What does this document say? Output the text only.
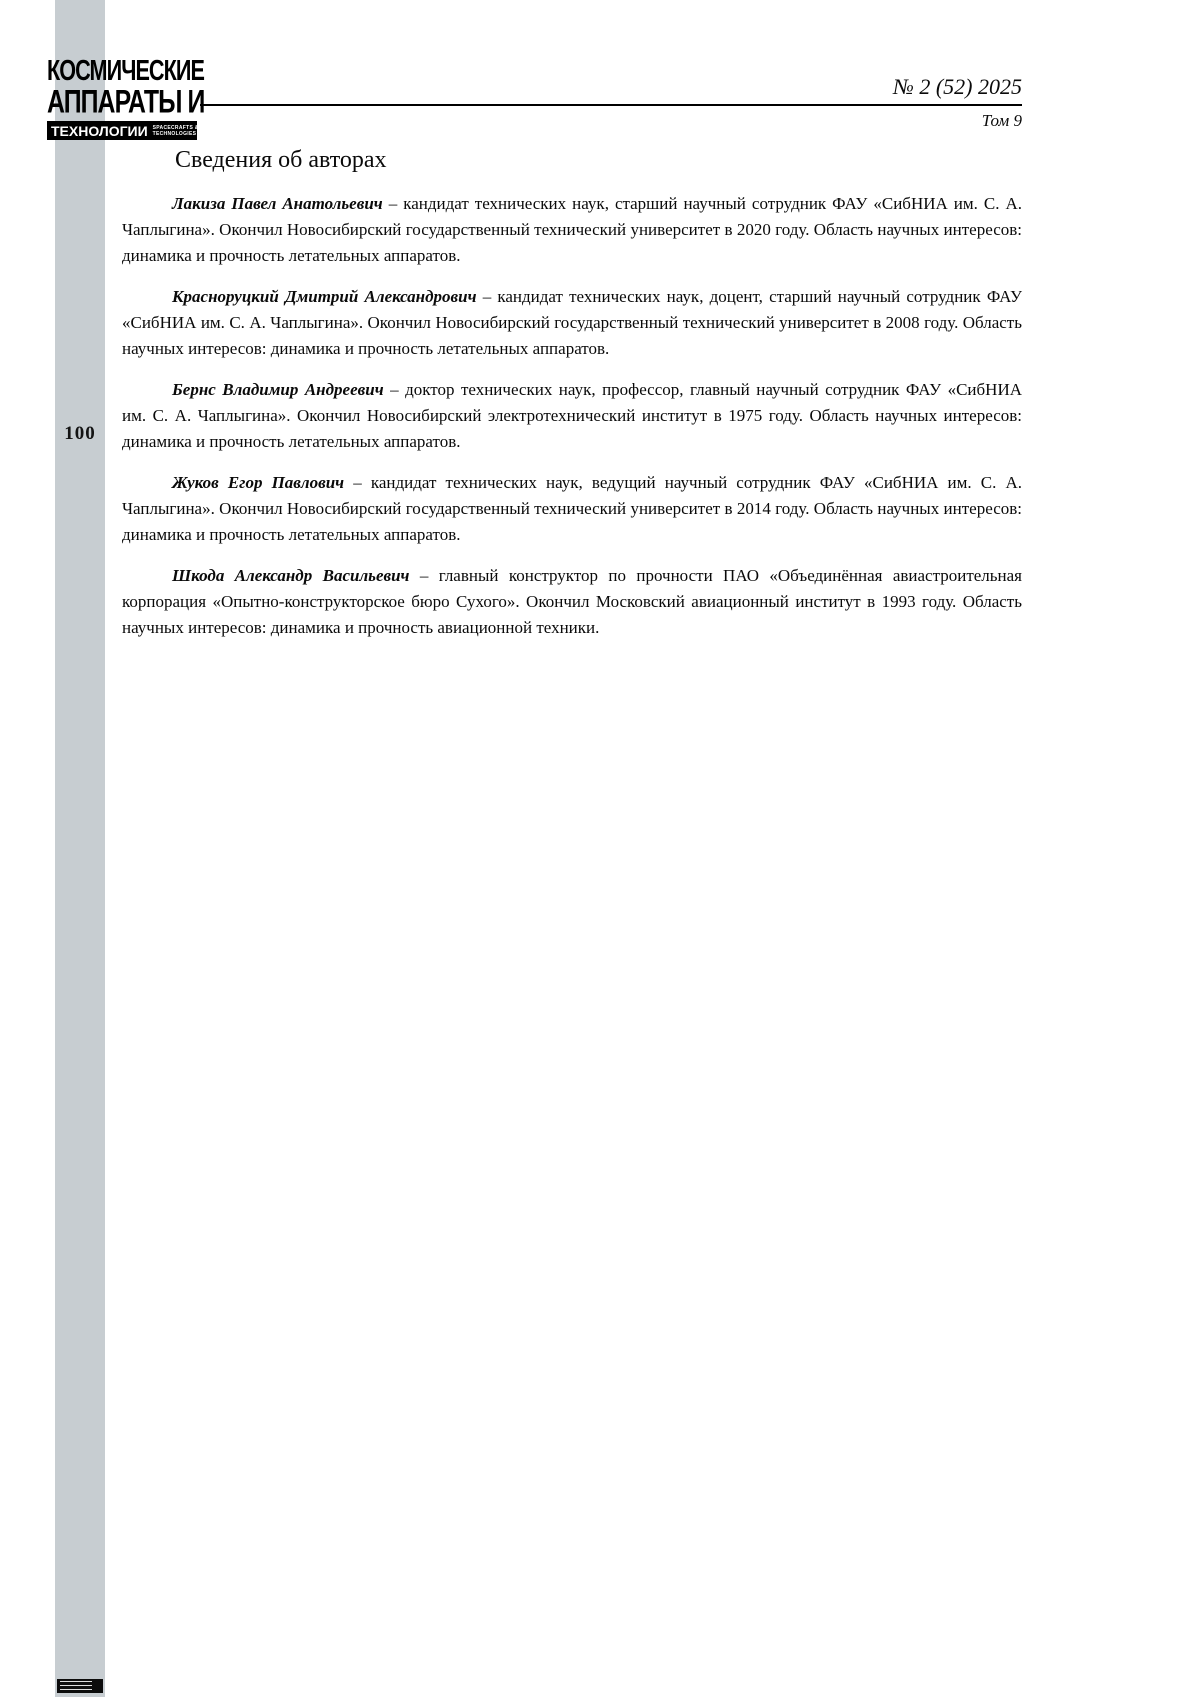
100
КОСМИЧЕСКИЕ
АППАРАТЫ И
ТЕХНОЛОГИИ SPACECRAFTS &
TECHNOLOGIES
№ 2 (52) 2025
Том 9
Сведения об авторах

Лакиза Павел Анатольевич – кандидат технических наук, старший научный сотрудник ФАУ «СибНИА им. С. А. Чаплыгина». Окончил Новосибирский государственный технический университет в 2020 году. Область научных интересов: динамика и прочность летательных аппаратов.

Красноруцкий Дмитрий Александрович – кандидат технических наук, доцент, старший научный сотрудник ФАУ «СибНИА им. С. А. Чаплыгина». Окончил Новосибирский государственный технический университет в 2008 году. Область научных интересов: динамика и прочность летательных аппаратов.

Бернс Владимир Андреевич – доктор технических наук, профессор, главный научный сотрудник ФАУ «СибНИА им. С. А. Чаплыгина». Окончил Новосибирский электротехнический институт в 1975 году. Область научных интересов: динамика и прочность летательных аппаратов.

Жуков Егор Павлович – кандидат технических наук, ведущий научный сотрудник ФАУ «СибНИА им. С. А. Чаплыгина». Окончил Новосибирский государственный технический университет в 2014 году. Область научных интересов: динамика и прочность летательных аппаратов.

Шкода Александр Васильевич – главный конструктор по прочности ПАО «Объединённая авиастроительная корпорация «Опытно-конструкторское бюро Сухого». Окончил Московский авиационный институт в 1993 году. Область научных интересов: динамика и прочность авиационной техники.
